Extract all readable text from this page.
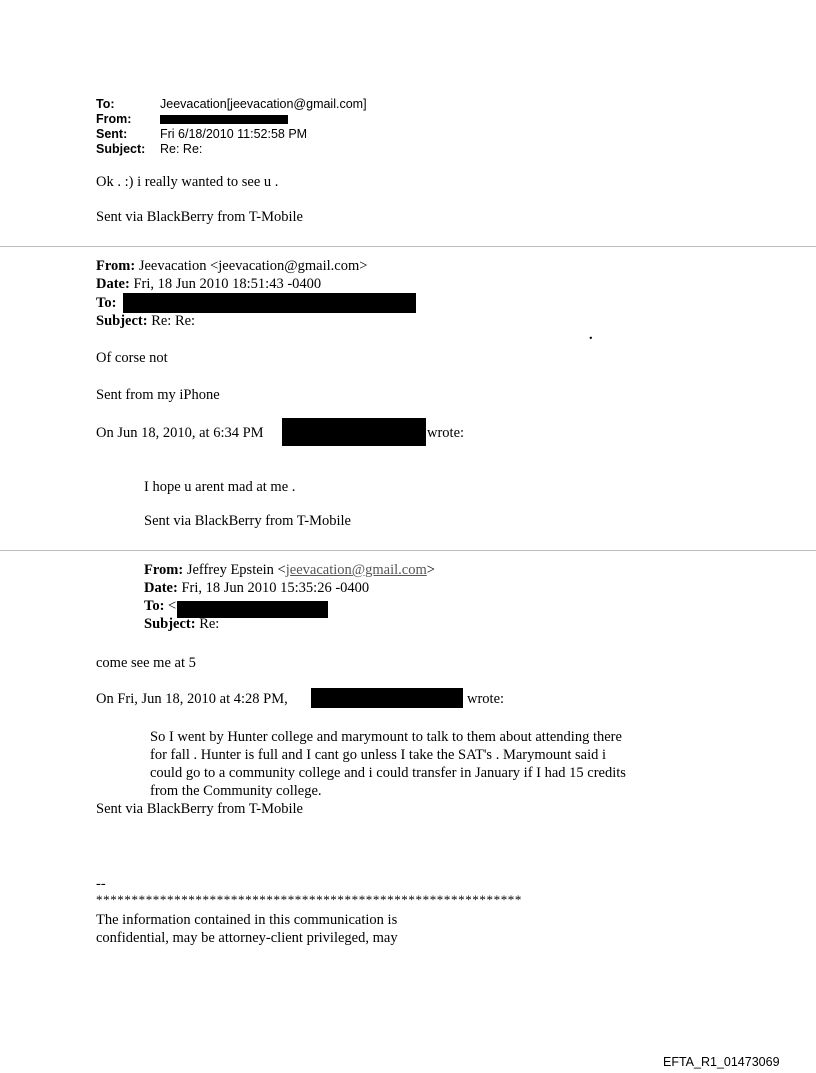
To:	Jeevacation[jeevacation@gmail.com]
From:
Sent:	Fri 6/18/2010 11:52:58 PM
Subject: Re: Re:
Ok . :) i really wanted to see u .
Sent via BlackBerry from T-Mobile
From: Jeevacation <jeevacation@gmail.com>
Date: Fri, 18 Jun 2010 18:51:43 -0400
To:
Subject: Re: Re:
.
Of corse not
Sent from my iPhone
On Jun 18, 2010, at 6:34 PM	wrote:
I hope u arent mad at me .
Sent via BlackBerry from T-Mobile
From: Jeffrey Epstein <jeevacation@gmail.com>
Date: Fri, 18 Jun 2010 15:35:26 -0400
To: <
Subject: Re:
come see me at 5
On Fri, Jun 18, 2010 at 4:28 PM,	wrote:
So I went by Hunter college and marymount to talk to them about attending there
for fall . Hunter is full and I cant go unless I take the SAT's . Marymount said i
could go to a community college and i could transfer in January if I had 15 credits
from the Community college.
Sent via BlackBerry from T-Mobile
--
************************************************************
The information contained in this communication is
confidential, may be attorney-client privileged, may
EFTA_R1_01473069
